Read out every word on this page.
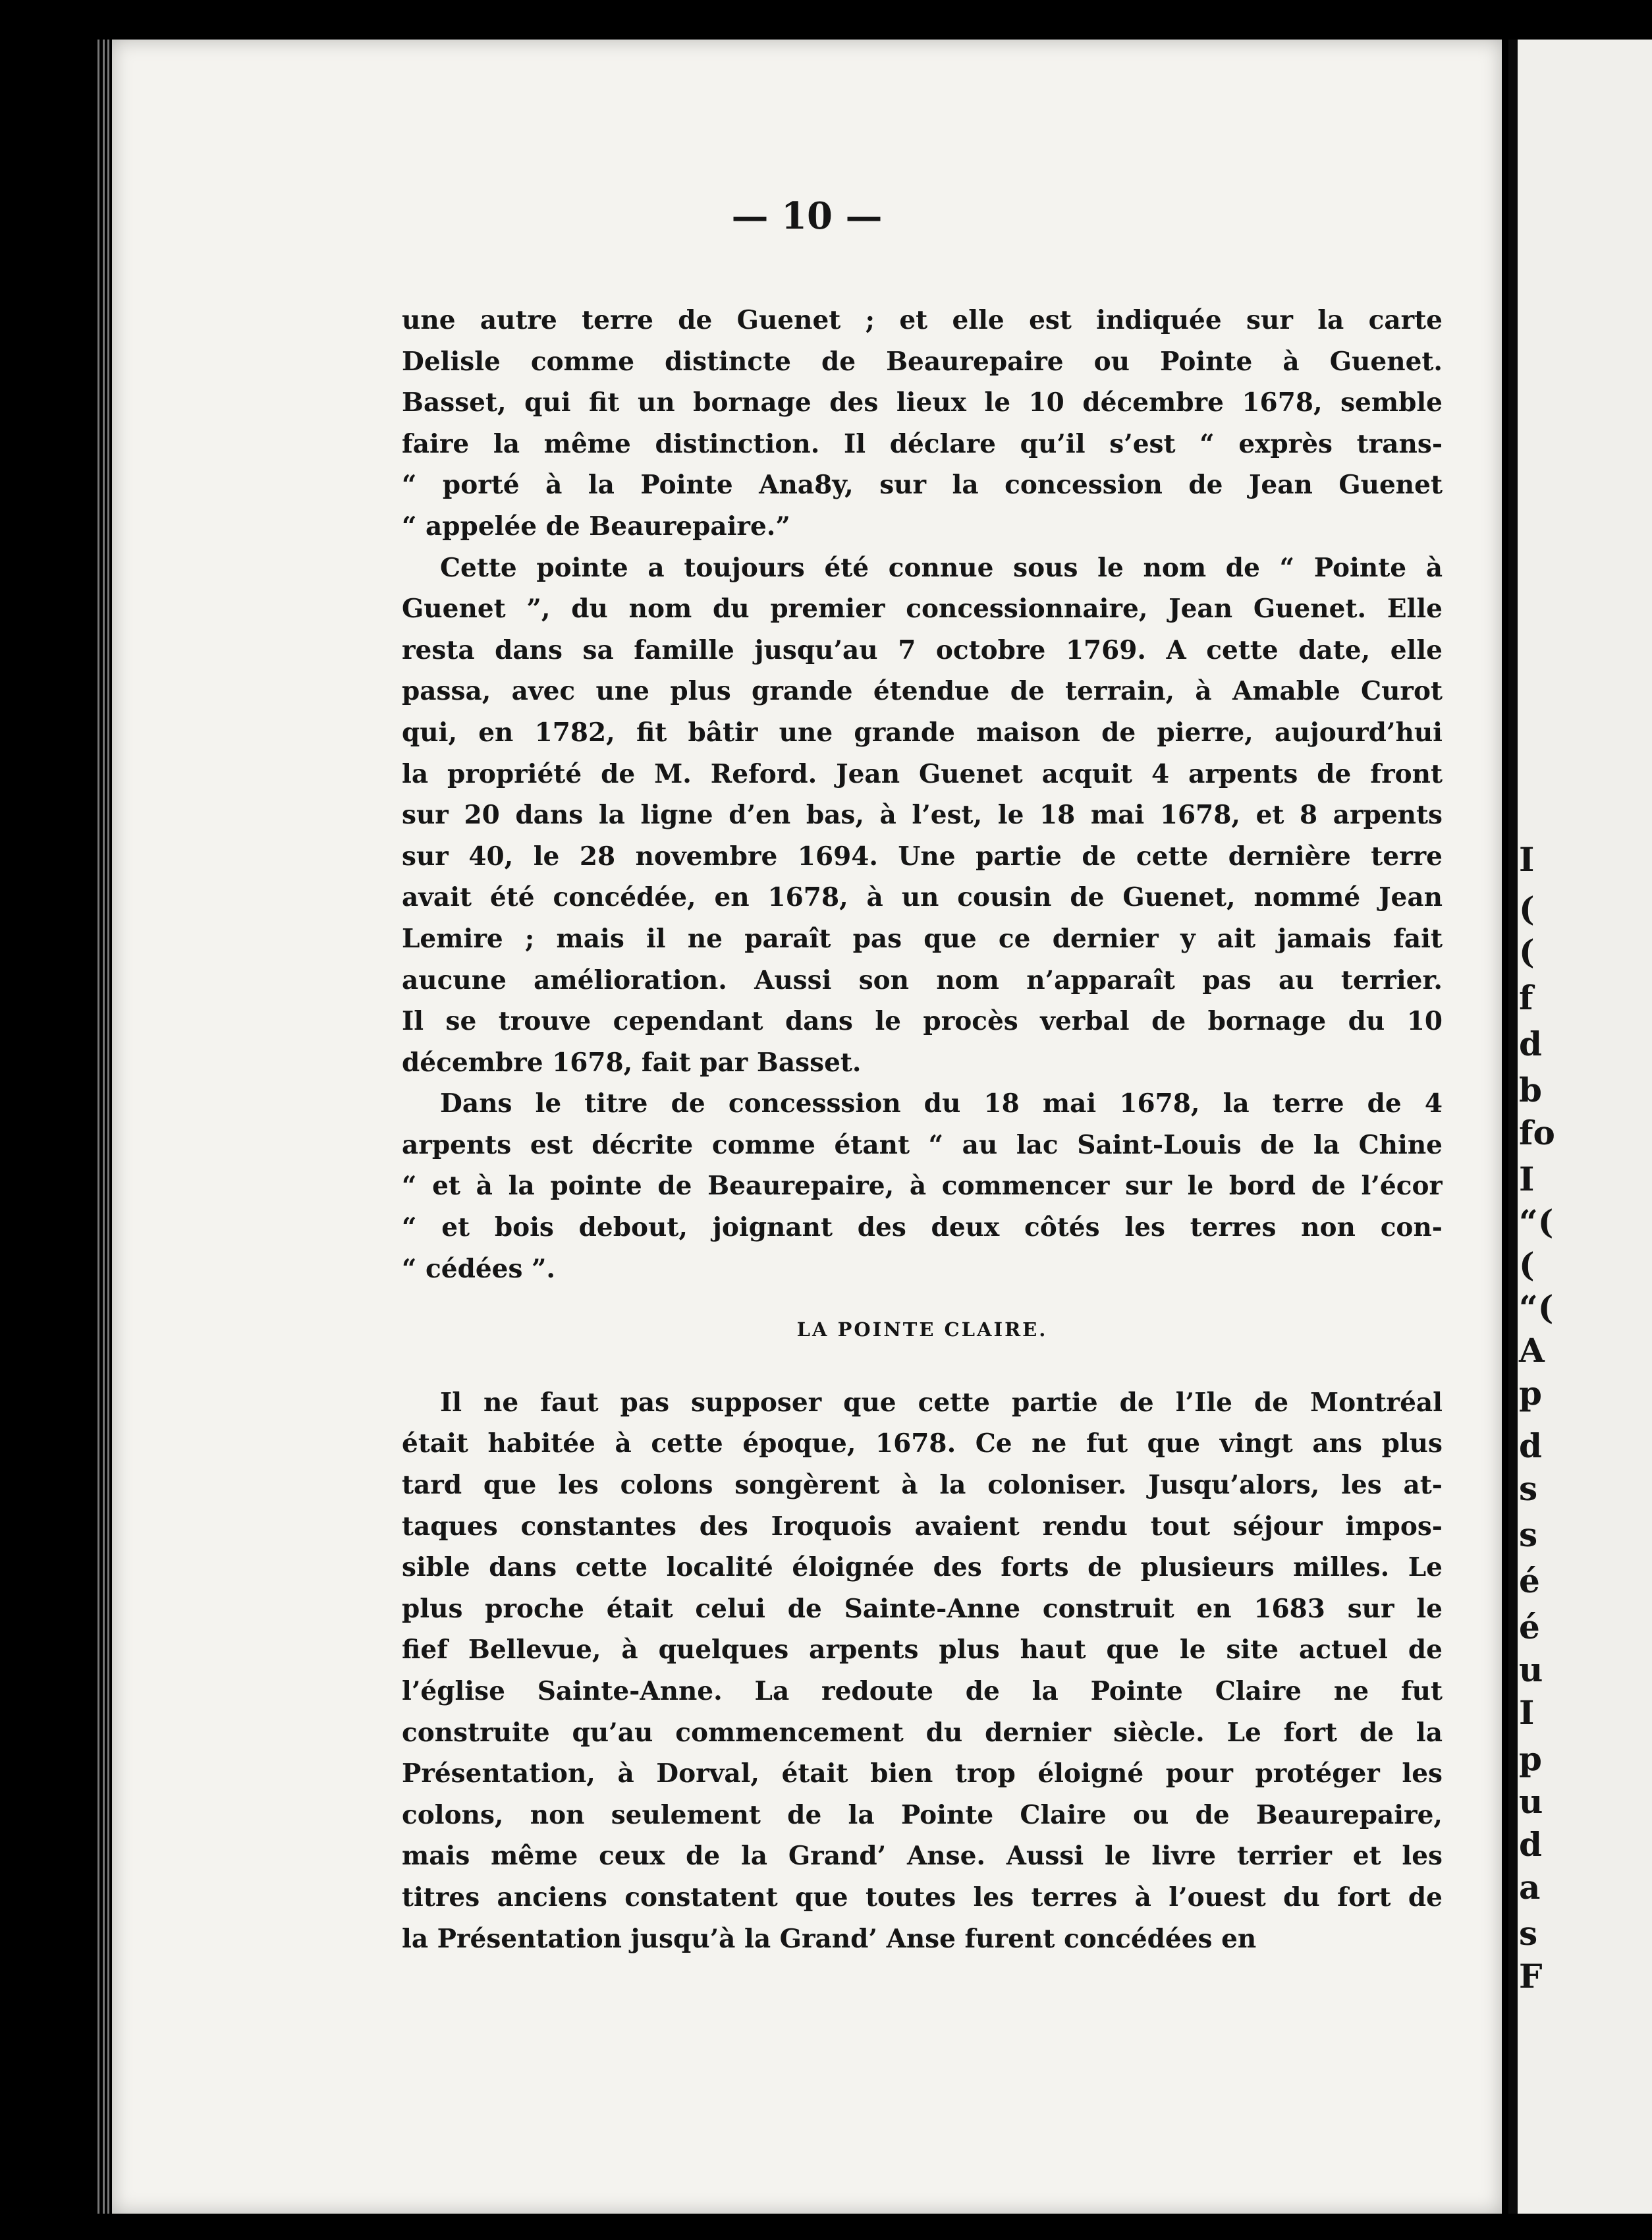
— 10 —
une autre terre de Guenet ; et elle est indiquée sur la carte
Delisle comme distincte de Beaurepaire ou Pointe à Guenet.
Basset, qui fit un bornage des lieux le 10 décembre 1678, semble
faire la même distinction. Il déclare qu’il s’est “ exprès trans-
“ porté à la Pointe Ana8y, sur la concession de Jean Guenet
“ appelée de Beaurepaire.”
Cette pointe a toujours été connue sous le nom de “ Pointe à
Guenet ”, du nom du premier concessionnaire, Jean Guenet. Elle
resta dans sa famille jusqu’au 7 octobre 1769. A cette date, elle
passa, avec une plus grande étendue de terrain, à Amable Curot
qui, en 1782, fit bâtir une grande maison de pierre, aujourd’hui
la propriété de M. Reford. Jean Guenet acquit 4 arpents de front
sur 20 dans la ligne d’en bas, à l’est, le 18 mai 1678, et 8 arpents
sur 40, le 28 novembre 1694. Une partie de cette dernière terre
avait été concédée, en 1678, à un cousin de Guenet, nommé Jean
Lemire ; mais il ne paraît pas que ce dernier y ait jamais fait
aucune amélioration. Aussi son nom n’apparaît pas au terrier.
Il se trouve cependant dans le procès verbal de bornage du 10
décembre 1678, fait par Basset.
Dans le titre de concesssion du 18 mai 1678, la terre de 4
arpents est décrite comme étant “ au lac Saint-Louis de la Chine
“ et à la pointe de Beaurepaire, à commencer sur le bord de l’écor
“ et bois debout, joignant des deux côtés les terres non con-
“ cédées ”.
LA POINTE CLAIRE.
Il ne faut pas supposer que cette partie de l’Ile de Montréal
était habitée à cette époque, 1678. Ce ne fut que vingt ans plus
tard que les colons songèrent à la coloniser. Jusqu’alors, les at-
taques constantes des Iroquois avaient rendu tout séjour impos-
sible dans cette localité éloignée des forts de plusieurs milles. Le
plus proche était celui de Sainte-Anne construit en 1683 sur le
fief Bellevue, à quelques arpents plus haut que le site actuel de
l’église Sainte-Anne. La redoute de la Pointe Claire ne fut
construite qu’au commencement du dernier siècle. Le fort de la
Présentation, à Dorval, était bien trop éloigné pour protéger les
colons, non seulement de la Pointe Claire ou de Beaurepaire,
mais même ceux de la Grand’ Anse. Aussi le livre terrier et les
titres anciens constatent que toutes les terres à l’ouest du fort de
la Présentation jusqu’à la Grand’ Anse furent concédées en
I
(
(
f
d
b
fo
I
“(
(
“(
A
p
d
s
s
é
é
u
I
p
u
d
a
s
F
